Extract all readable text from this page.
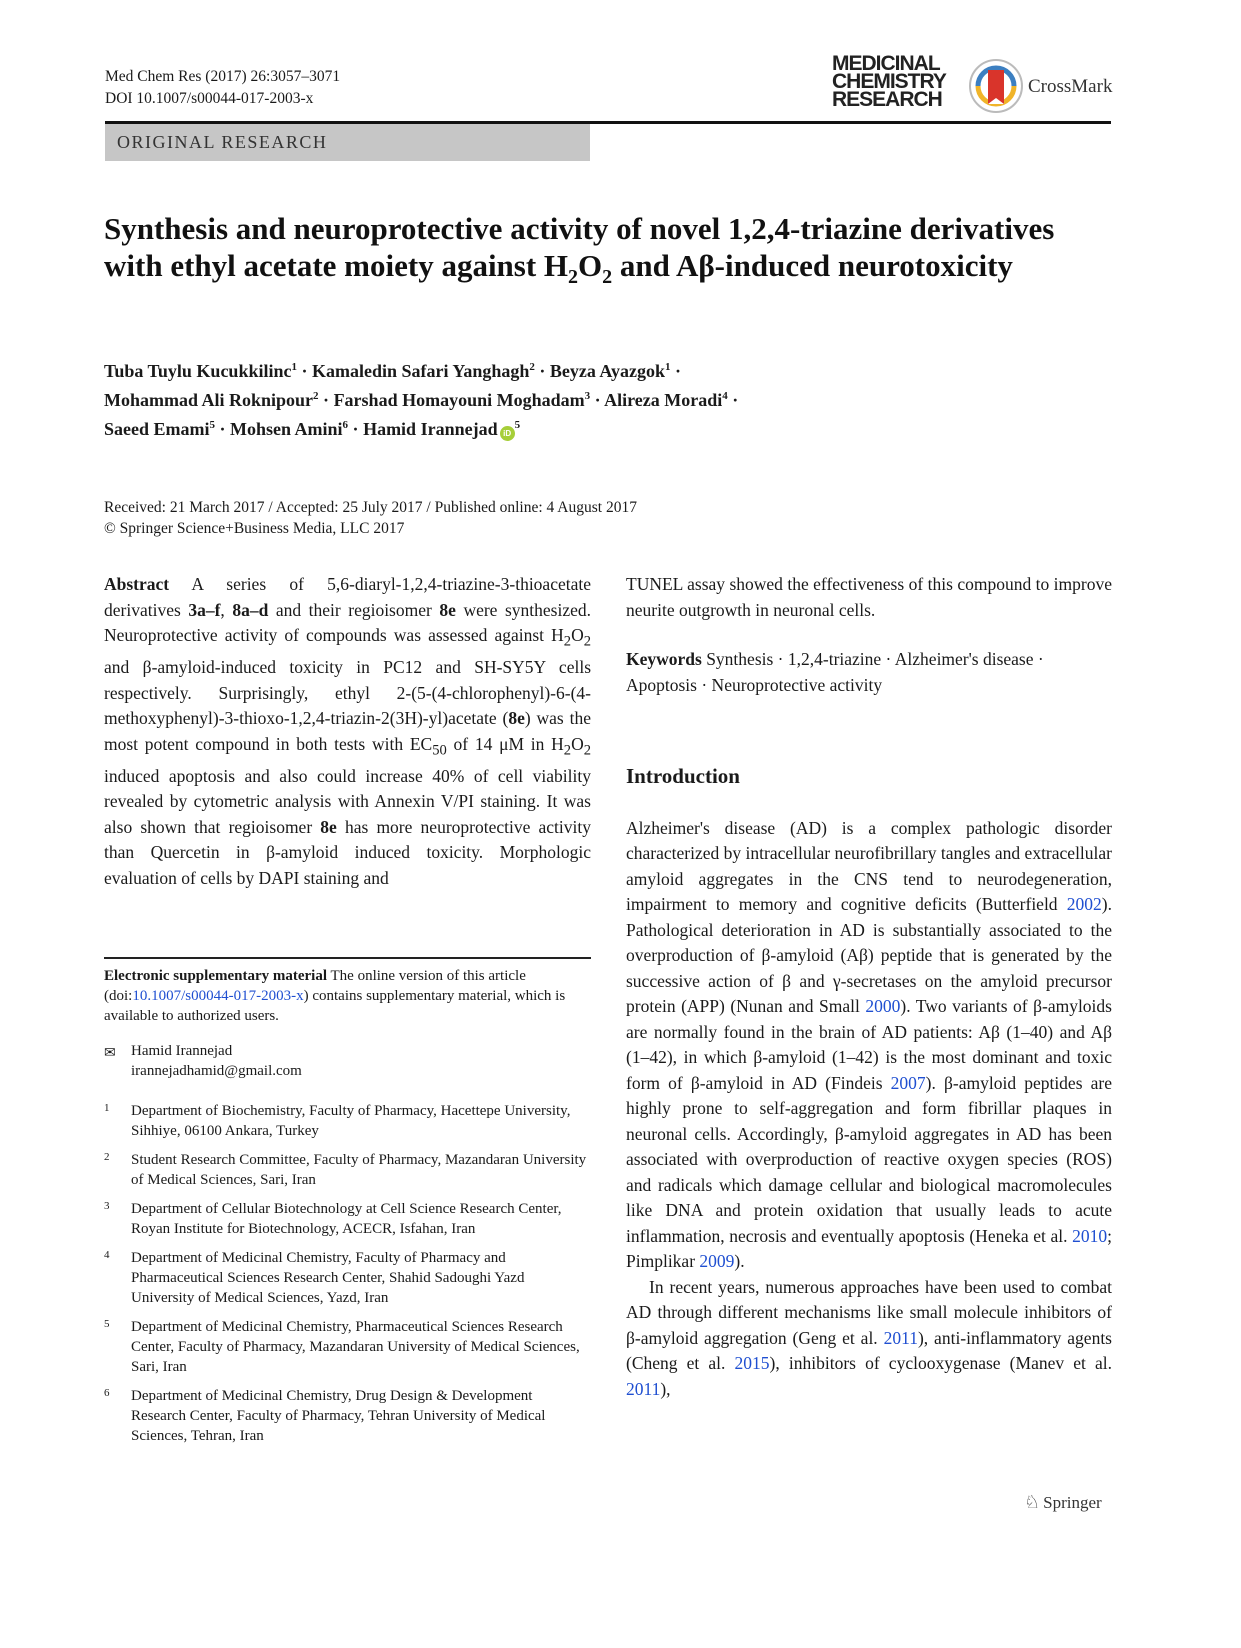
Med Chem Res (2017) 26:3057–3071
DOI 10.1007/s00044-017-2003-x
MEDICINAL
CHEMISTRY
RESEARCH
CrossMark
ORIGINAL RESEARCH
Synthesis and neuroprotective activity of novel 1,2,4-triazine derivatives with ethyl acetate moiety against $H_2O_2$ and Aβ-induced neurotoxicity
Tuba Tuylu Kucukkilinc$^1$ · Kamaledin Safari Yanghagh$^2$ · Beyza Ayazgok$^1$ ·
Mohammad Ali Roknipour$^2$ · Farshad Homayouni Moghadam$^3$ · Alireza Moradi$^4$ ·
Saeed Emami$^5$ · Mohsen Amini$^6$ · Hamid Irannejad $iD^5$
Received: 21 March 2017 / Accepted: 25 July 2017 / Published online: 4 August 2017
© Springer Science+Business Media, LLC 2017

Abstract A series of 5,6-diaryl-1,2,4-triazine-3-thioacetate derivatives 3a–f, 8a–d and their regioisomer 8e were synthesized. Neuroprotective activity of compounds was assessed against $H_2O_2$ and β-amyloid-induced toxicity in PC12 and SH-SY5Y cells respectively. Surprisingly, ethyl 2-(5-(4-chlorophenyl)-6-(4-methoxyphenyl)-3-thioxo-1,2,4-triazin-2(3H)-yl)acetate (8e) was the most potent compound in both tests with $EC_{50}$ of 14 μM in $H_2O_2$ induced apoptosis and also could increase 40% of cell viability revealed by cytometric analysis with Annexin V/PI staining. It was also shown that regioisomer 8e has more neuroprotective activity than Quercetin in β-amyloid induced toxicity. Morphologic evaluation of cells by DAPI staining and

Electronic supplementary material The online version of this article (doi:10.1007/s00044-017-2003-x) contains supplementary material, which is available to authorized users.
✉ Hamid Irannejad
irannejadhamid@gmail.com
1 Department of Biochemistry, Faculty of Pharmacy, Hacettepe University, Sihhiye, 06100 Ankara, Turkey
2 Student Research Committee, Faculty of Pharmacy, Mazandaran University of Medical Sciences, Sari, Iran
3 Department of Cellular Biotechnology at Cell Science Research Center, Royan Institute for Biotechnology, ACECR, Isfahan, Iran
4 Department of Medicinal Chemistry, Faculty of Pharmacy and Pharmaceutical Sciences Research Center, Shahid Sadoughi Yazd University of Medical Sciences, Yazd, Iran
5 Department of Medicinal Chemistry, Pharmaceutical Sciences Research Center, Faculty of Pharmacy, Mazandaran University of Medical Sciences, Sari, Iran
6 Department of Medicinal Chemistry, Drug Design & Development Research Center, Faculty of Pharmacy, Tehran University of Medical Sciences, Tehran, Iran

TUNEL assay showed the effectiveness of this compound to improve neurite outgrowth in neuronal cells.

Keywords Synthesis · 1,2,4-triazine · Alzheimer's disease · Apoptosis · Neuroprotective activity

Introduction

Alzheimer's disease (AD) is a complex pathologic disorder characterized by intracellular neurofibrillary tangles and extracellular amyloid aggregates in the CNS tend to neurodegeneration, impairment to memory and cognitive deficits (Butterfield 2002). Pathological deterioration in AD is substantially associated to the overproduction of β-amyloid (Aβ) peptide that is generated by the successive action of β and γ-secretases on the amyloid precursor protein (APP) (Nunan and Small 2000). Two variants of β-amyloids are normally found in the brain of AD patients: Aβ (1–40) and Aβ (1–42), in which β-amyloid (1–42) is the most dominant and toxic form of β-amyloid in AD (Findeis 2007). β-amyloid peptides are highly prone to self-aggregation and form fibrillar plaques in neuronal cells. Accordingly, β-amyloid aggregates in AD has been associated with overproduction of reactive oxygen species (ROS) and radicals which damage cellular and biological macromolecules like DNA and protein oxidation that usually leads to acute inflammation, necrosis and eventually apoptosis (Heneka et al. 2010; Pimplikar 2009).

In recent years, numerous approaches have been used to combat AD through different mechanisms like small molecule inhibitors of β-amyloid aggregation (Geng et al. 2011), anti-inflammatory agents (Cheng et al. 2015), inhibitors of cyclooxygenase (Manev et al. 2011),

♘ Springer
